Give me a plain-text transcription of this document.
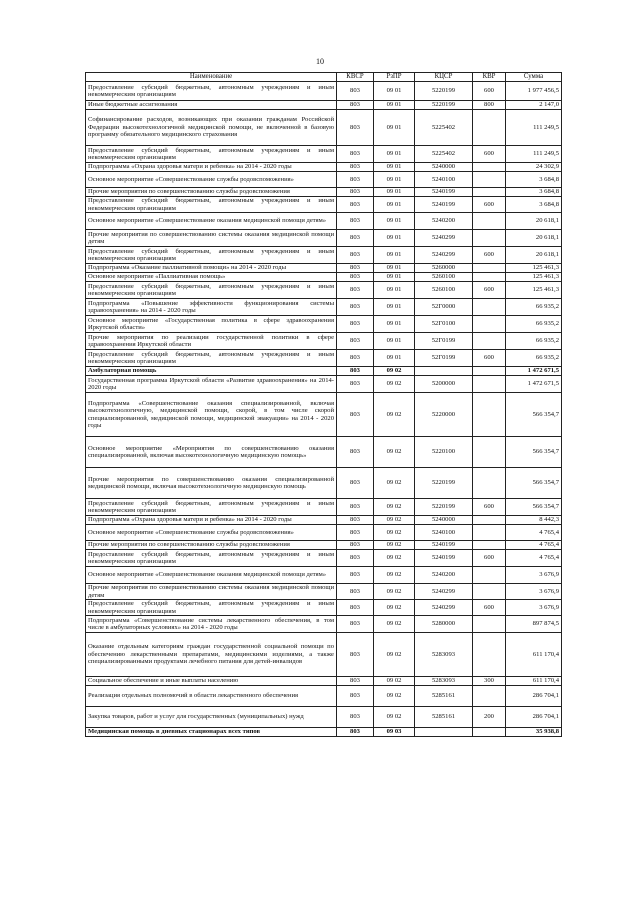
10
Наименование	КВСР	РзПР	КЦСР	КВР	Сумма
Предоставление субсидий бюджетным, автономным учреждениям и иным некоммерческим организациям	803	09 01	5220199	600	1 977 456,5
Иные бюджетные ассигнования	803	09 01	5220199	800	2 147,0
Софинансирование расходов, возникающих при оказании гражданам Российской Федерации высокотехнологичной медицинской помощи, не включенной в базовую программу обязательного медицинского страхования	803	09 01	5225402		111 249,5
Предоставление субсидий бюджетным, автономным учреждениям и иным некоммерческим организациям	803	09 01	5225402	600	111 249,5
Подпрограмма «Охрана здоровья матери и ребенка» на 2014 - 2020 годы	803	09 01	5240000		24 302,9
Основное мероприятие «Совершенствование службы родовспоможения»	803	09 01	5240100		3 684,8
Прочие мероприятия по совершенствованию службы родовспоможения	803	09 01	5240199		3 684,8
Предоставление субсидий бюджетным, автономным учреждениям и иным некоммерческим организациям	803	09 01	5240199	600	3 684,8
Основное мероприятие «Совершенствование оказания медицинской помощи детям»	803	09 01	5240200		20 618,1
Прочие мероприятия по совершенствованию системы оказания медицинской помощи детям	803	09 01	5240299		20 618,1
Предоставление субсидий бюджетным, автономным учреждениям и иным некоммерческим организациям	803	09 01	5240299	600	20 618,1
Подпрограмма «Оказание паллиативной помощи» на 2014 - 2020 годы	803	09 01	5260000		125 461,3
Основное мероприятие «Паллиативная помощь»	803	09 01	5260100		125 461,3
Предоставление субсидий бюджетным, автономным учреждениям и иным некоммерческим организациям	803	09 01	5260100	600	125 461,3
Подпрограмма «Повышение эффективности функционирования системы здравоохранения» на 2014 - 2020 годы	803	09 01	52Г0000		66 935,2
Основное мероприятие «Государственная политика в сфере здравоохранения Иркутской области»	803	09 01	52Г0100		66 935,2
Прочие мероприятия по реализации государственной политики в сфере здравоохранения Иркутской области	803	09 01	52Г0199		66 935,2
Предоставление субсидий бюджетным, автономным учреждениям и иным некоммерческим организациям	803	09 01	52Г0199	600	66 935,2
Амбулаторная помощь	803	09 02			1 472 671,5
Государственная программа Иркутской области «Развитие здравоохранения» на 2014-2020 годы	803	09 02	5200000		1 472 671,5
Подпрограмма «Совершенствование оказания специализированной, включая высокотехнологичную, медицинской помощи, скорой, в том числе скорой специализированной, медицинской помощи, медицинской эвакуации» на 2014 - 2020 годы	803	09 02	5220000		566 354,7
Основное мероприятие «Мероприятия по совершенствованию оказания специализированной, включая высокотехнологичную медицинскую помощь»	803	09 02	5220100		566 354,7
Прочие мероприятия по совершенствованию оказания специализированной медицинской помощи, включая высокотехнологичную медицинскую помощь	803	09 02	5220199		566 354,7
Предоставление субсидий бюджетным, автономным учреждениям и иным некоммерческим организациям	803	09 02	5220199	600	566 354,7
Подпрограмма «Охрана здоровья матери и ребенка» на 2014 - 2020 годы	803	09 02	5240000		8 442,3
Основное мероприятие «Совершенствование службы родовспоможения»	803	09 02	5240100		4 765,4
Прочие мероприятия по совершенствованию службы родовспоможения	803	09 02	5240199		4 765,4
Предоставление субсидий бюджетным, автономным учреждениям и иным некоммерческим организациям	803	09 02	5240199	600	4 765,4
Основное мероприятие «Совершенствование оказания медицинской помощи детям»	803	09 02	5240200		3 676,9
Прочие мероприятия по совершенствованию системы оказания медицинской помощи детям	803	09 02	5240299		3 676,9
Предоставление субсидий бюджетным, автономным учреждениям и иным некоммерческим организациям	803	09 02	5240299	600	3 676,9
Подпрограмма «Совершенствование системы лекарственного обеспечения, в том числе в амбулаторных условиях» на 2014 - 2020 годы	803	09 02	5280000		897 874,5
Оказание отдельным категориям граждан государственной социальной помощи по обеспечению лекарственными препаратами, медицинскими изделиями, а также специализированными продуктами лечебного питания для детей-инвалидов	803	09 02	5283093		611 170,4
Социальное обеспечение и иные выплаты населению	803	09 02	5283093	300	611 170,4
Реализация отдельных полномочий в области лекарственного обеспечения	803	09 02	5285161		286 704,1
Закупка товаров, работ и услуг для государственных (муниципальных) нужд	803	09 02	5285161	200	286 704,1
Медицинская помощь в дневных стационарах всех типов	803	09 03			35 938,8
